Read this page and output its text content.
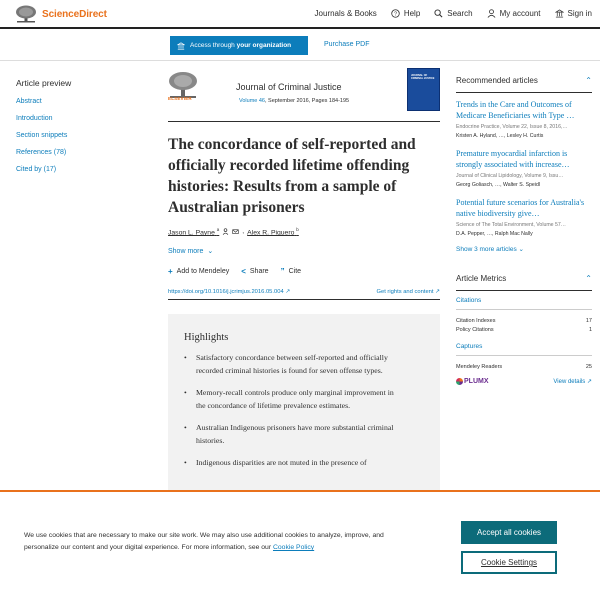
ScienceDirect	Journals & Books	? Help	Search	My account	Sign in
Access through your organization	Purchase PDF
Article preview
Abstract
Introduction
Section snippets
References (78)
Cited by (17)
ELSEVIER
Journal of Criminal Justice
Volume 46, September 2016, Pages 184-195
JOURNAL OF CRIMINAL JUSTICE
The concordance of self-reported and officially recorded lifetime offending histories: Results from a sample of Australian prisoners
Jason L. Payne $^a$	, Alex R. Piquero $^b$
Show more ⌄
+ Add to Mendeley < Share ” Cite
https://doi.org/10.1016/j.jcrimjus.2016.05.004 ↗	Get rights and content ↗
Highlights
• Satisfactory concordance between self-reported and officially recorded criminal histories is found for seven offense types.
• Memory-recall controls produce only marginal improvement in the concordance of lifetime prevalence estimates.
• Australian Indigenous prisoners have more substantial criminal histories.
• Indigenous disparities are not muted in the presence of
Recommended articles	⌃
Trends in the Care and Outcomes of Medicare Beneficiaries with Type …
Endocrine Practice, Volume 22, Issue 8, 2016,…
Kristen A. Hyland, …, Lesley H. Curtis
Premature myocardial infarction is strongly associated with increase…
Journal of Clinical Lipidology, Volume 9, Issu…
Georg Goliasch, …, Walter S. Speidl
Potential future scenarios for Australia's native biodiversity give…
Science of The Total Environment, Volume 57…
D.A. Pepper, …, Ralph Mac Nally
Show 3 more articles ⌄
Article Metrics	⌃
Citations
Citation Indexes	17
Policy Citations	1
Captures
Mendeley Readers	25
PLUMX	View details ↗
We use cookies that are necessary to make our site work. We may also use additional cookies to analyze, improve, and personalize our content and your digital experience. For more information, see our Cookie Policy
Accept all cookies
Cookie Settings
